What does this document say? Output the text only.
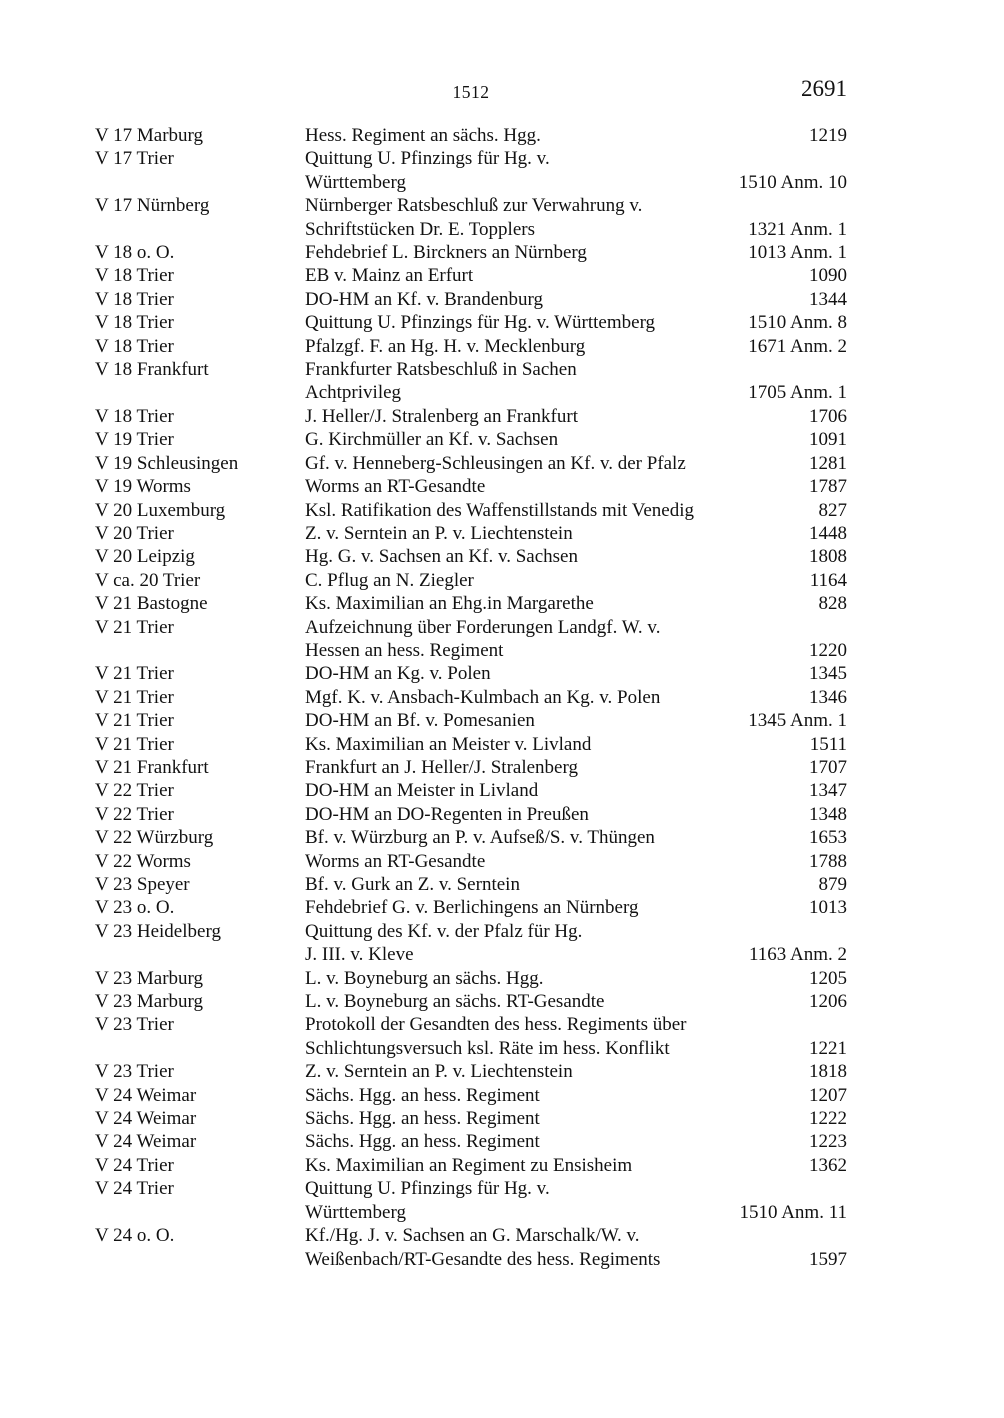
1512	2691
V 17 Marburg	Hess. Regiment an sächs. Hgg.	1219
V 17 Trier	Quittung U. Pfinzings für Hg. v.
Württemberg	1510 Anm. 10
V 17 Nürnberg	Nürnberger Ratsbeschluß zur Verwahrung v.
Schriftstücken Dr. E. Topplers	1321 Anm. 1
V 18 o. O.	Fehdebrief L. Birckners an Nürnberg	1013 Anm. 1
V 18 Trier	EB v. Mainz an Erfurt	1090
V 18 Trier	DO-HM an Kf. v. Brandenburg	1344
V 18 Trier	Quittung U. Pfinzings für Hg. v. Württemberg	1510 Anm. 8
V 18 Trier	Pfalzgf. F. an Hg. H. v. Mecklenburg	1671 Anm. 2
V 18 Frankfurt	Frankfurter Ratsbeschluß in Sachen
Achtprivileg	1705 Anm. 1
V 18 Trier	J. Heller/J. Stralenberg an Frankfurt	1706
V 19 Trier	G. Kirchmüller an Kf. v. Sachsen	1091
V 19 Schleusingen	Gf. v. Henneberg-Schleusingen an Kf. v. der Pfalz	1281
V 19 Worms	Worms an RT-Gesandte	1787
V 20 Luxemburg	Ksl. Ratifikation des Waffenstillstands mit Venedig	827
V 20 Trier	Z. v. Serntein an P. v. Liechtenstein	1448
V 20 Leipzig	Hg. G. v. Sachsen an Kf. v. Sachsen	1808
V ca. 20 Trier	C. Pflug an N. Ziegler	1164
V 21 Bastogne	Ks. Maximilian an Ehg.in Margarethe	828
V 21 Trier	Aufzeichnung über Forderungen Landgf. W. v.
Hessen an hess. Regiment	1220
V 21 Trier	DO-HM an Kg. v. Polen	1345
V 21 Trier	Mgf. K. v. Ansbach-Kulmbach an Kg. v. Polen	1346
V 21 Trier	DO-HM an Bf. v. Pomesanien	1345 Anm. 1
V 21 Trier	Ks. Maximilian an Meister v. Livland	1511
V 21 Frankfurt	Frankfurt an J. Heller/J. Stralenberg	1707
V 22 Trier	DO-HM an Meister in Livland	1347
V 22 Trier	DO-HM an DO-Regenten in Preußen	1348
V 22 Würzburg	Bf. v. Würzburg an P. v. Aufseß/S. v. Thüngen	1653
V 22 Worms	Worms an RT-Gesandte	1788
V 23 Speyer	Bf. v. Gurk an Z. v. Serntein	879
V 23 o. O.	Fehdebrief G. v. Berlichingens an Nürnberg	1013
V 23 Heidelberg	Quittung des Kf. v. der Pfalz für Hg.
J. III. v. Kleve	1163 Anm. 2
V 23 Marburg	L. v. Boyneburg an sächs. Hgg.	1205
V 23 Marburg	L. v. Boyneburg an sächs. RT-Gesandte	1206
V 23 Trier	Protokoll der Gesandten des hess. Regiments über
Schlichtungsversuch ksl. Räte im hess. Konflikt	1221
V 23 Trier	Z. v. Serntein an P. v. Liechtenstein	1818
V 24 Weimar	Sächs. Hgg. an hess. Regiment	1207
V 24 Weimar	Sächs. Hgg. an hess. Regiment	1222
V 24 Weimar	Sächs. Hgg. an hess. Regiment	1223
V 24 Trier	Ks. Maximilian an Regiment zu Ensisheim	1362
V 24 Trier	Quittung U. Pfinzings für Hg. v.
Württemberg	1510 Anm. 11
V 24 o. O.	Kf./Hg. J. v. Sachsen an G. Marschalk/W. v.
Weißenbach/RT-Gesandte des hess. Regiments	1597
